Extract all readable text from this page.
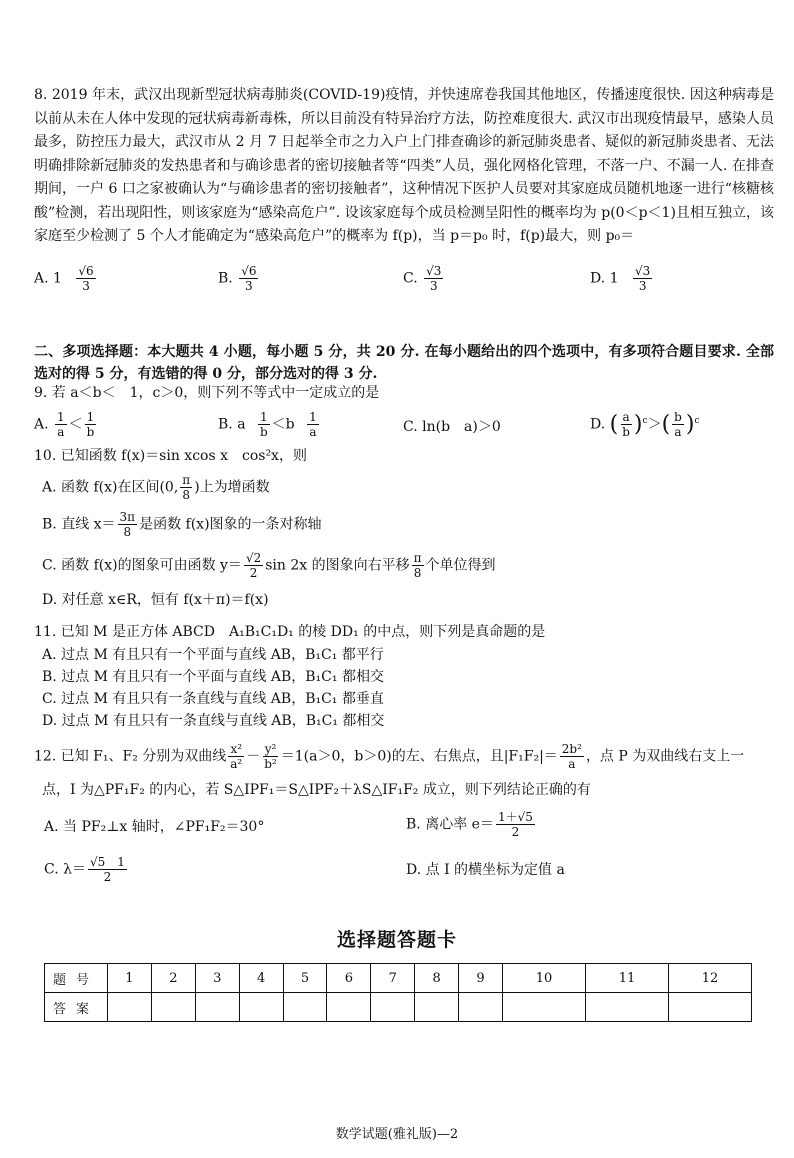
8. 2019 年末，武汉出现新型冠状病毒肺炎(COVID-19)疫情，并快速席卷我国其他地区，传播速度很快. 因这种病毒是以前从未在人体中发现的冠状病毒新毒株，所以目前没有特异治疗方法，防控难度很大. 武汉市出现疫情最早，感染人员最多，防控压力最大，武汉市从 2 月 7 日起举全市之力入户上门排查确诊的新冠肺炎患者、疑似的新冠肺炎患者、无法明确排除新冠肺炎的发热患者和与确诊患者的密切接触者等“四类”人员，强化网格化管理，不落一户、不漏一人. 在排查期间，一户 6 口之家被确认为“与确诊患者的密切接触者”，这种情况下医护人员要对其家庭成员随机地逐一进行“核糖核酸”检测，若出现阳性，则该家庭为“感染高危户”. 设该家庭每个成员检测呈阳性的概率均为 p(0＜p＜1)且相互独立，该家庭至少检测了 5 个人才能确定为“感染高危户”的概率为 f(p)，当 p＝p₀ 时，f(p)最大，则 p₀＝
A. $1 \frac{√6}{3}$	B. $\frac{√6}{3}$	C. $\frac{√3}{3}$	D. $1 \frac{√3}{3}$
二、多项选择题：本大题共 4 小题，每小题 5 分，共 20 分. 在每小题给出的四个选项中，有多项符合题目要求. 全部选对的得 5 分，有选错的得 0 分，部分选对的得 3 分.
9. 若 a＜b＜　1，c＞0，则下列不等式中一定成立的是
A. $\frac{1}{a} < \frac{1}{b}$	B. a $\frac{1}{b} <b \frac{1}{a}$	C. ln(b　a)＞0	D. ( $\frac{a}{b} )^c>( \frac{b}{a} )^c$
10. 已知函数 f(x)＝sin xcos x　cos²x，则
A. 函数 f(x)在区间(0, $\frac{\pi}{8}$ )上为增函数
B. 直线 $x= \frac{3\pi}{8}$ 是函数 f(x)图象的一条对称轴
C. 函数 f(x)的图象可由函数 $y= \frac{√2}{2}$ sin 2x 的图象向右平移 $\frac{\pi}{8}$ 个单位得到
D. 对任意 x∈R，恒有 f(x＋π)＝f(x)
11. 已知 M 是正方体 ABCD　A₁B₁C₁D₁ 的棱 DD₁ 的中点，则下列是真命题的是
A. 过点 M 有且只有一个平面与直线 AB，B₁C₁ 都平行
B. 过点 M 有且只有一个平面与直线 AB，B₁C₁ 都相交
C. 过点 M 有且只有一条直线与直线 AB，B₁C₁ 都垂直
D. 过点 M 有且只有一条直线与直线 AB，B₁C₁ 都相交
12. 已知 F₁、F₂ 分别为双曲线 $\frac{\text{x²}}{\text{a²}} - \frac{\text{y²}}{\text{b²}} =1(a>0$，b＞0)的左、右焦点，且$|F_1F_2|= \frac{\text{2b²}}{a}$ ，点 P 为双曲线右支上一
点，I 为△PF₁F₂ 的内心，若 S△IPF₁＝S△IPF₂＋λS△IF₁F₂ 成立，则下列结论正确的有
A. 当 PF₂⊥x 轴时，∠PF₁F₂＝30°	B. 离心率 $e= \frac{1+√5}{2}$
C. $\lambda= \frac{√5 1}{2}$	D. 点 I 的横坐标为定值 a
选择题答题卡
题号	1	2	3	4	5	6	7	8	9	10	11	12
答案												
数学试题(雅礼版)—2
